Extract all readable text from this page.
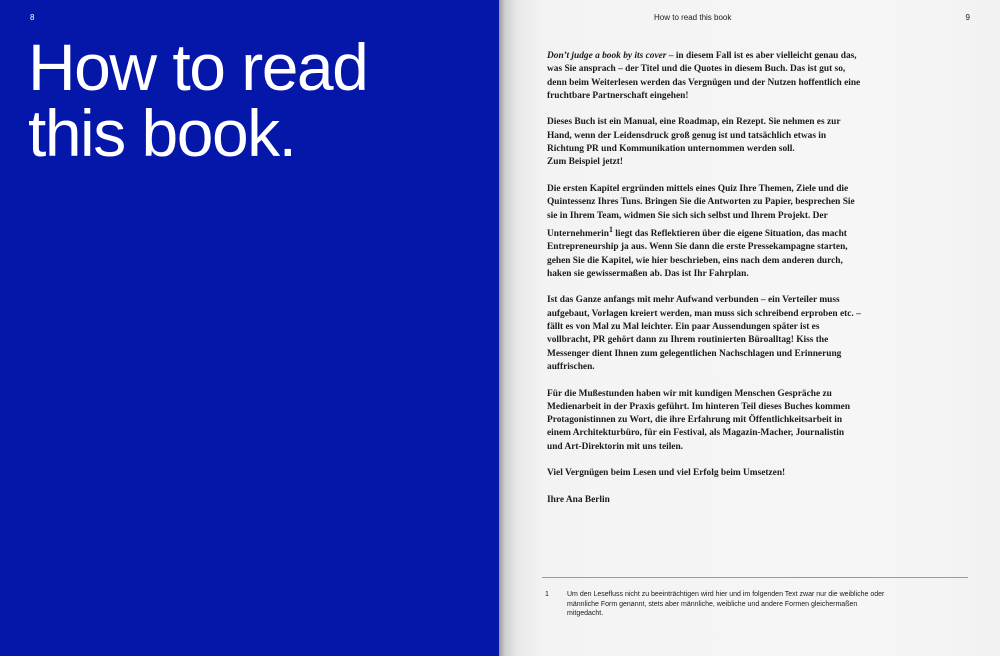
8
How to read
this book.
How to read this book	9

Don’t judge a book by its cover – in diesem Fall ist es aber vielleicht genau das, was Sie ansprach – der Titel und die Quotes in diesem Buch. Das ist gut so, denn beim Weiterlesen werden das Vergnügen und der Nutzen hoffentlich eine fruchtbare Partnerschaft eingehen!

Dieses Buch ist ein Manual, eine Roadmap, ein Rezept. Sie nehmen es zur Hand, wenn der Leidensdruck groß genug ist und tatsächlich etwas in Richtung PR und Kommunikation unternommen werden soll.
Zum Beispiel jetzt!

Die ersten Kapitel ergründen mittels eines Quiz Ihre Themen, Ziele und die Quintessenz Ihres Tuns. Bringen Sie die Antworten zu Papier, besprechen Sie sie in Ihrem Team, widmen Sie sich sich selbst und Ihrem Projekt. Der Unternehmerin$^1$ liegt das Reflektieren über die eigene Situation, das macht Entrepreneurship ja aus. Wenn Sie dann die erste Pressekampagne starten, gehen Sie die Kapitel, wie hier beschrieben, eins nach dem anderen durch, haken sie gewissermaßen ab. Das ist Ihr Fahrplan.

Ist das Ganze anfangs mit mehr Aufwand verbunden – ein Verteiler muss aufgebaut, Vorlagen kreiert werden, man muss sich schreibend erproben etc. – fällt es von Mal zu Mal leichter. Ein paar Aussendungen später ist es vollbracht, PR gehört dann zu Ihrem routinierten Büroalltag! Kiss the Messenger dient Ihnen zum gelegentlichen Nachschlagen und Erinnerung auffrischen.

Für die Mußestunden haben wir mit kundigen Menschen Gespräche zu Medienarbeit in der Praxis geführt. Im hinteren Teil dieses Buches kommen Protagonistinnen zu Wort, die ihre Erfahrung mit Öffentlichkeitsarbeit in einem Architekturbüro, für ein Festival, als Magazin-Macher, Journalistin und Art-Direktorin mit uns teilen.

Viel Vergnügen beim Lesen und viel Erfolg beim Umsetzen!

Ihre Ana Berlin

1	Um den Lesefluss nicht zu beeinträchtigen wird hier und im folgenden Text zwar nur die weibliche oder männliche Form genannt, stets aber männliche, weibliche und andere Formen gleichermaßen mitgedacht.
